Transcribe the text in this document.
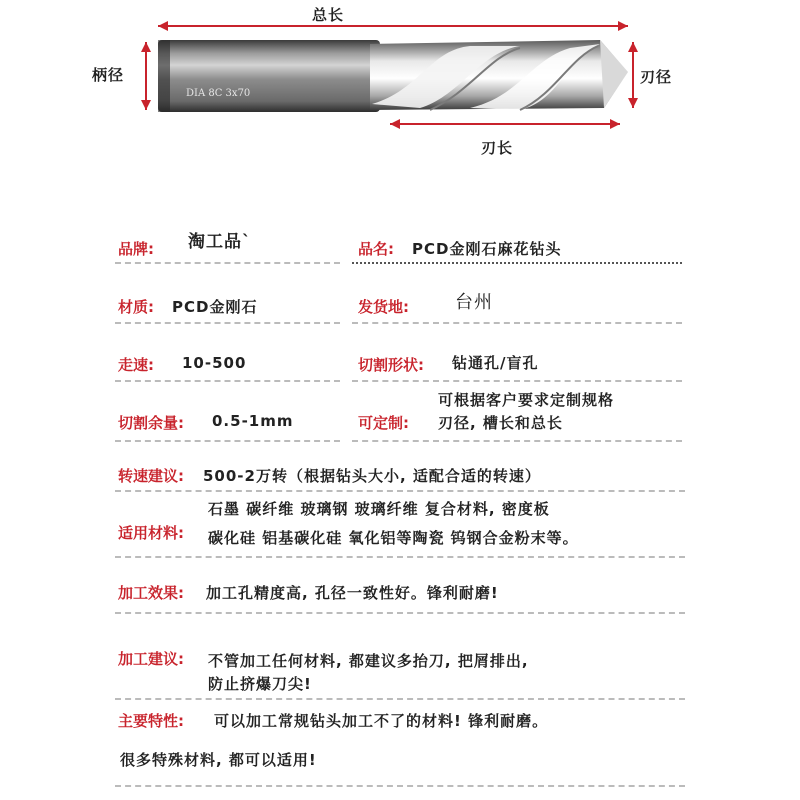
DIA 8C 3x70
总长
柄径	刃径
刃长
品牌: 淘工品`	品名: PCD金刚石麻花钻头
材质: PCD金刚石	发货地:	台州
走速: 10-500	切割形状: 钻通孔/盲孔
切割余量: 0.5-1mm	可定制:
可根据客户要求定制规格
刃径, 槽长和总长
转速建议: 500-2万转（根据钻头大小, 适配合适的转速）
适用材料:
石墨 碳纤维 玻璃钢 玻璃纤维 复合材料, 密度板
碳化硅 铝基碳化硅 氧化铝等陶瓷 钨钢合金粉末等。
加工效果: 加工孔精度高, 孔径一致性好。锋利耐磨!
加工建议: 不管加工任何材料, 都建议多抬刀, 把屑排出,
防止挤爆刀尖!
主要特性: 可以加工常规钻头加工不了的材料! 锋利耐磨。
很多特殊材料, 都可以适用!
